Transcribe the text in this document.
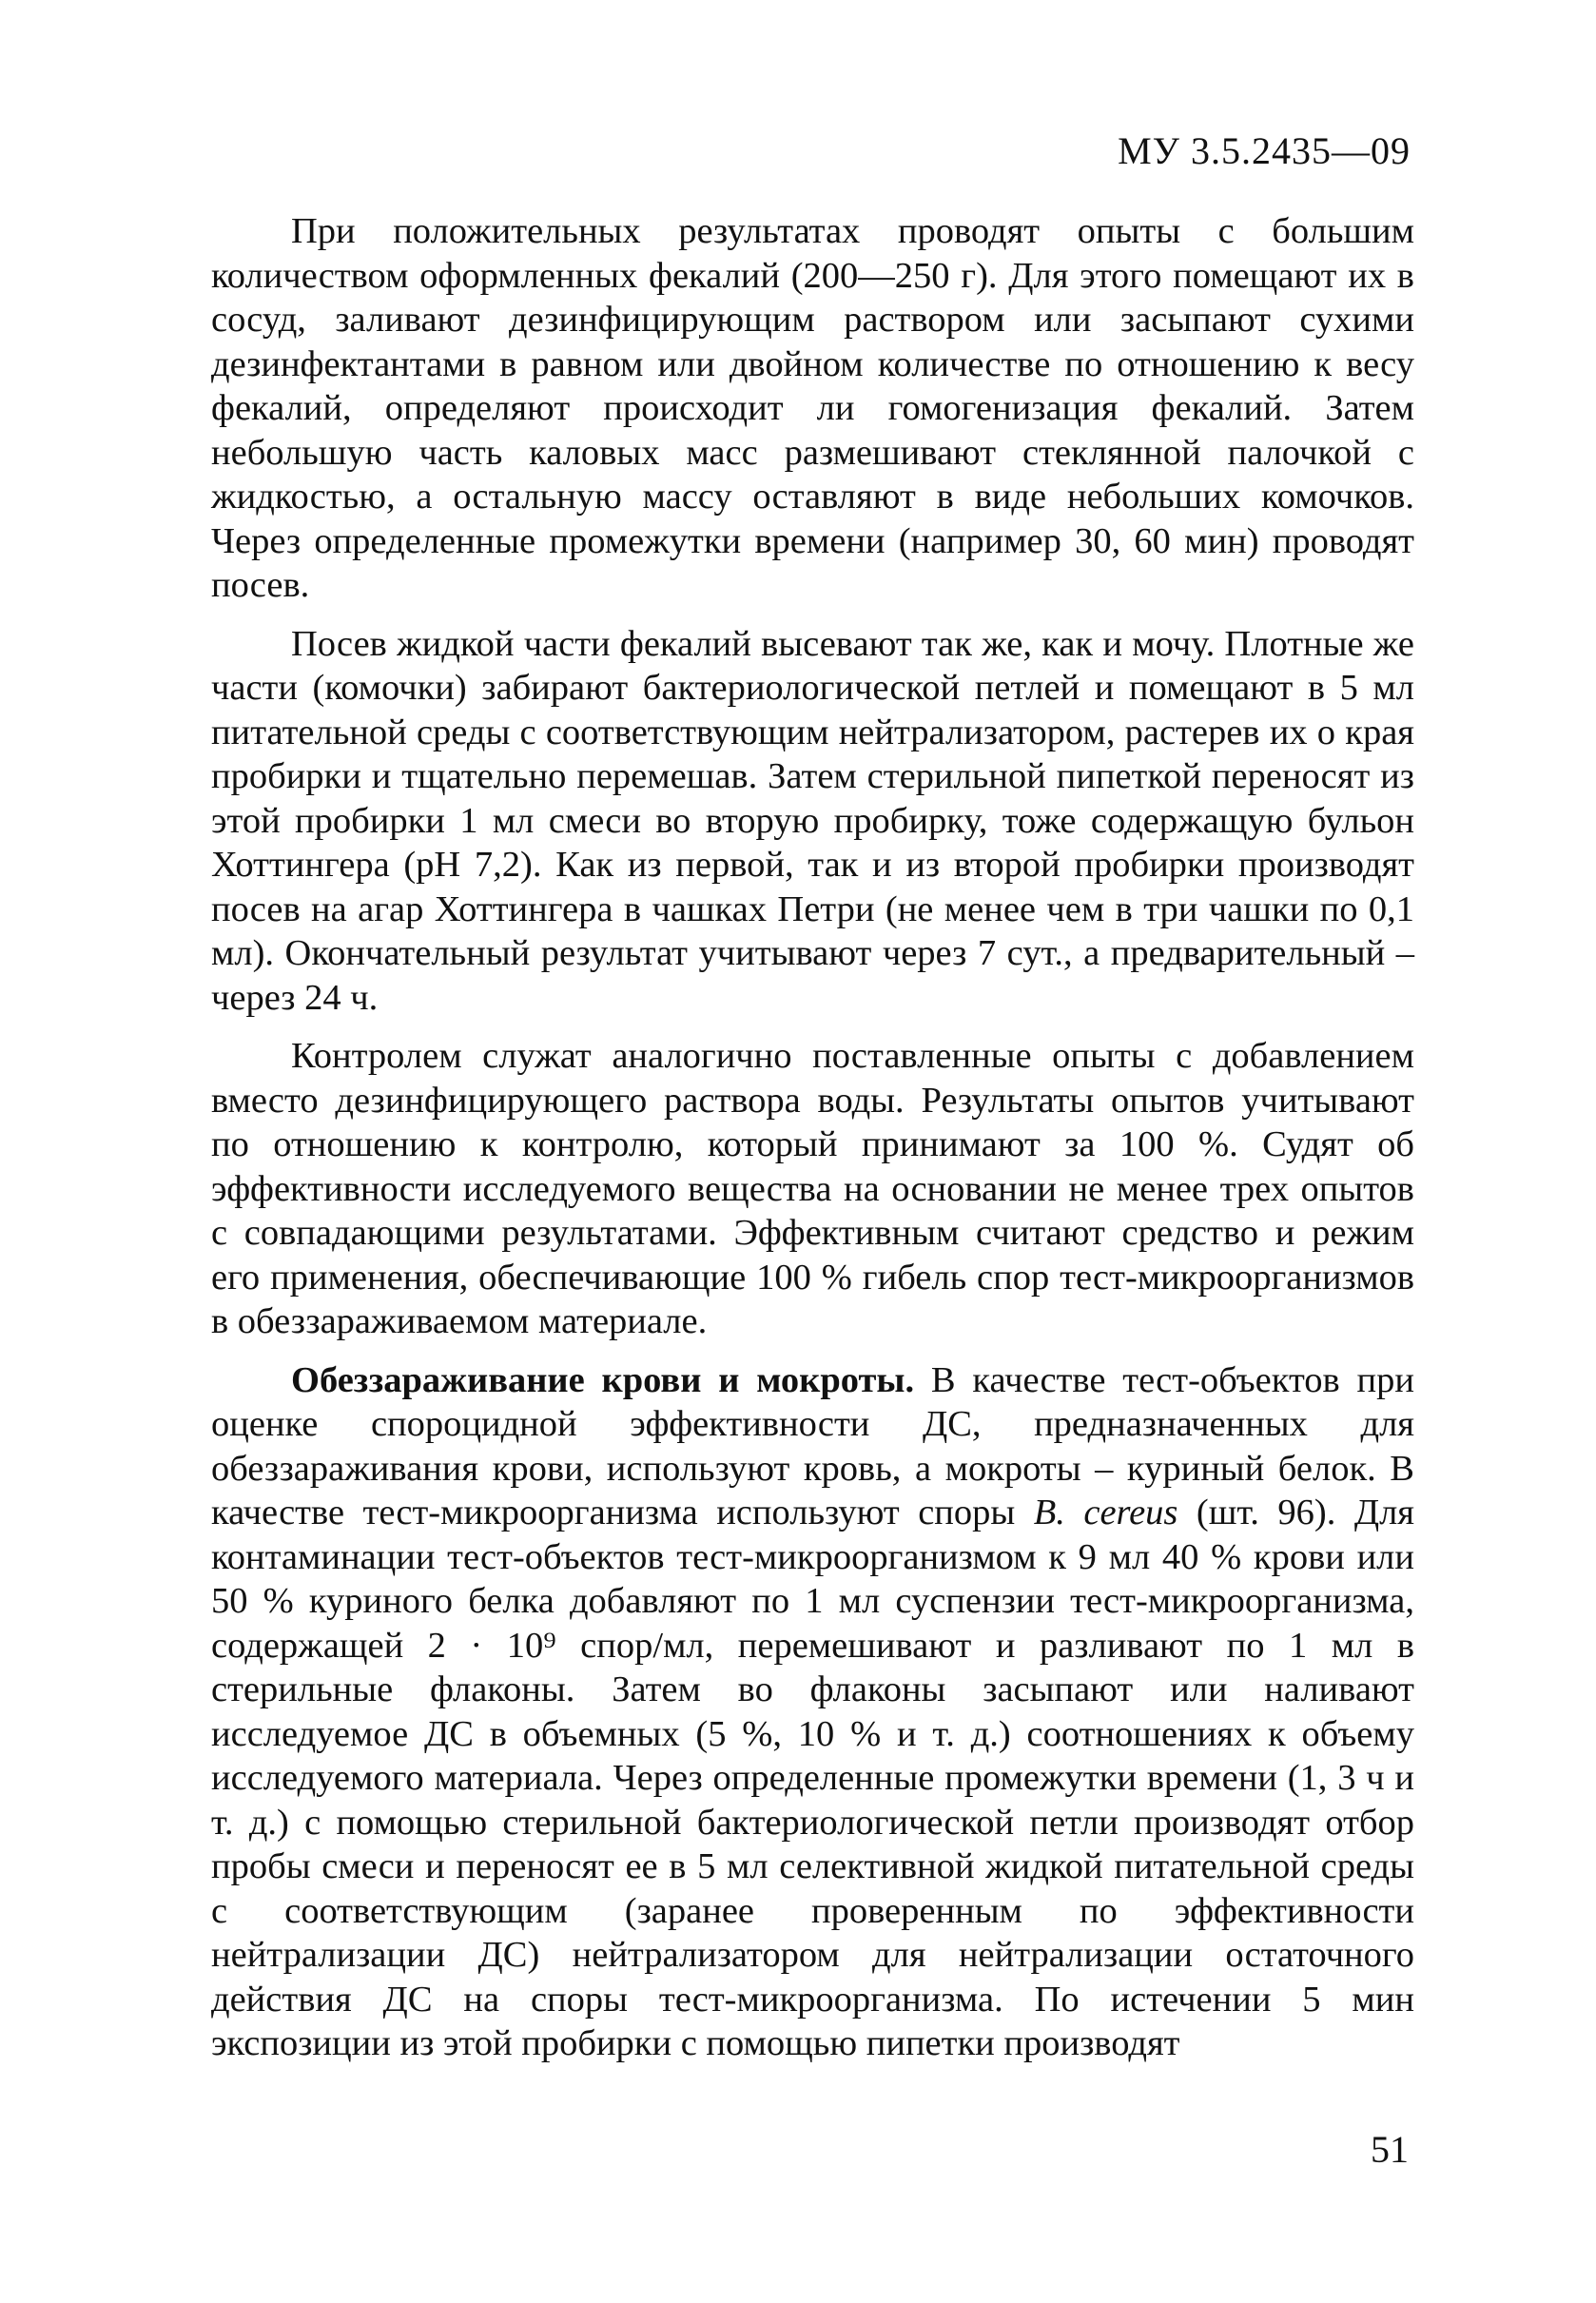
МУ 3.5.2435—09

При положительных результатах проводят опыты с большим количеством оформленных фекалий (200—250 г). Для этого помещают их в сосуд, заливают дезинфицирующим раствором или засыпают сухими дезинфектантами в равном или двойном количестве по отношению к весу фекалий, определяют происходит ли гомогенизация фекалий. Затем небольшую часть каловых масс размешивают стеклянной палочкой с жидкостью, а остальную массу оставляют в виде небольших комочков. Через определенные промежутки времени (например 30, 60 мин) проводят посев.

Посев жидкой части фекалий высевают так же, как и мочу. Плотные же части (комочки) забирают бактериологической петлей и помещают в 5 мл питательной среды с соответствующим нейтрализатором, растерев их о края пробирки и тщательно перемешав. Затем стерильной пипеткой переносят из этой пробирки 1 мл смеси во вторую пробирку, тоже содержащую бульон Хоттингера (рН 7,2). Как из первой, так и из второй пробирки производят посев на агар Хоттингера в чашках Петри (не менее чем в три чашки по 0,1 мл). Окончательный результат учитывают через 7 сут., а предварительный – через 24 ч.

Контролем служат аналогично поставленные опыты с добавлением вместо дезинфицирующего раствора воды. Результаты опытов учитывают по отношению к контролю, который принимают за 100 %. Судят об эффективности исследуемого вещества на основании не менее трех опытов с совпадающими результатами. Эффективным считают средство и режим его применения, обеспечивающие 100 % гибель спор тест-микроорганизмов в обеззараживаемом материале.

Обеззараживание крови и мокроты. В качестве тест-объектов при оценке спороцидной эффективности ДС, предназначенных для обеззараживания крови, используют кровь, а мокроты – куриный белок. В качестве тест-микроорганизма используют споры B. cereus (шт. 96). Для контаминации тест-объектов тест-микроорганизмом к 9 мл 40 % крови или 50 % куриного белка добавляют по 1 мл суспензии тест-микроорганизма, содержащей 2 · 10⁹ спор/мл, перемешивают и разливают по 1 мл в стерильные флаконы. Затем во флаконы засыпают или наливают исследуемое ДС в объемных (5 %, 10 % и т. д.) соотношениях к объему исследуемого материала. Через определенные промежутки времени (1, 3 ч и т. д.) с помощью стерильной бактериологической петли производят отбор пробы смеси и переносят ее в 5 мл селективной жидкой питательной среды с соответствующим (заранее проверенным по эффективности нейтрализации ДС) нейтрализатором для нейтрализации остаточного действия ДС на споры тест-микроорганизма. По истечении 5 мин экспозиции из этой пробирки с помощью пипетки производят

51
